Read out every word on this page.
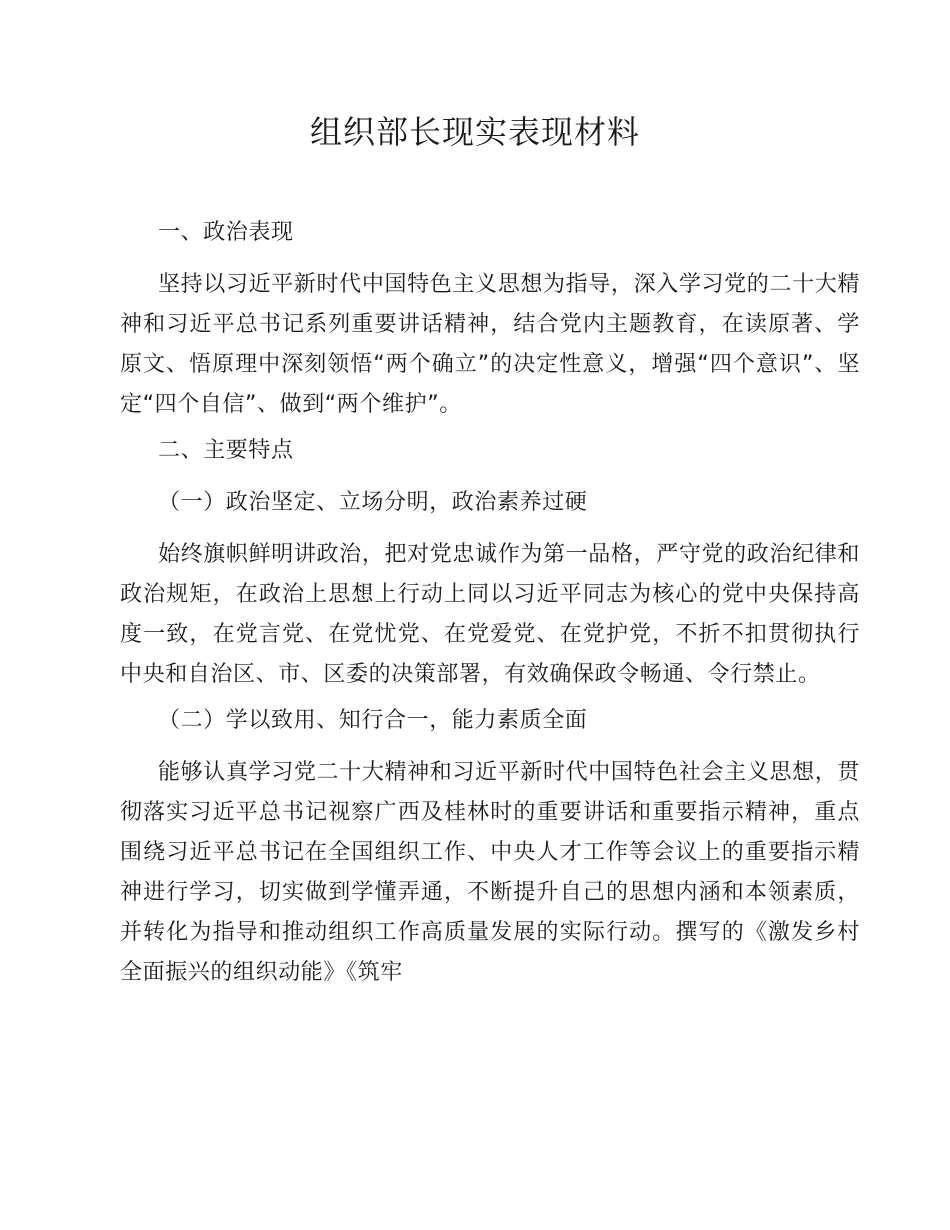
组织部长现实表现材料

一、政治表现

坚持以习近平新时代中国特色主义思想为指导，深入学习党的二十大精神和习近平总书记系列重要讲话精神，结合党内主题教育，在读原著、学原文、悟原理中深刻领悟“两个确立”的决定性意义，增强“四个意识”、坚定“四个自信”、做到“两个维护”。

二、主要特点

（一）政治坚定、立场分明，政治素养过硬

始终旗帜鲜明讲政治，把对党忠诚作为第一品格，严守党的政治纪律和政治规矩，在政治上思想上行动上同以习近平同志为核心的党中央保持高度一致，在党言党、在党忧党、在党爱党、在党护党，不折不扣贯彻执行中央和自治区、市、区委的决策部署，有效确保政令畅通、令行禁止。

（二）学以致用、知行合一，能力素质全面

能够认真学习党二十大精神和习近平新时代中国特色社会主义思想，贯彻落实习近平总书记视察广西及桂林时的重要讲话和重要指示精神，重点围绕习近平总书记在全国组织工作、中央人才工作等会议上的重要指示精神进行学习，切实做到学懂弄通，不断提升自己的思想内涵和本领素质，并转化为指导和推动组织工作高质量发展的实际行动。撰写的《激发乡村全面振兴的组织动能》《筑牢
